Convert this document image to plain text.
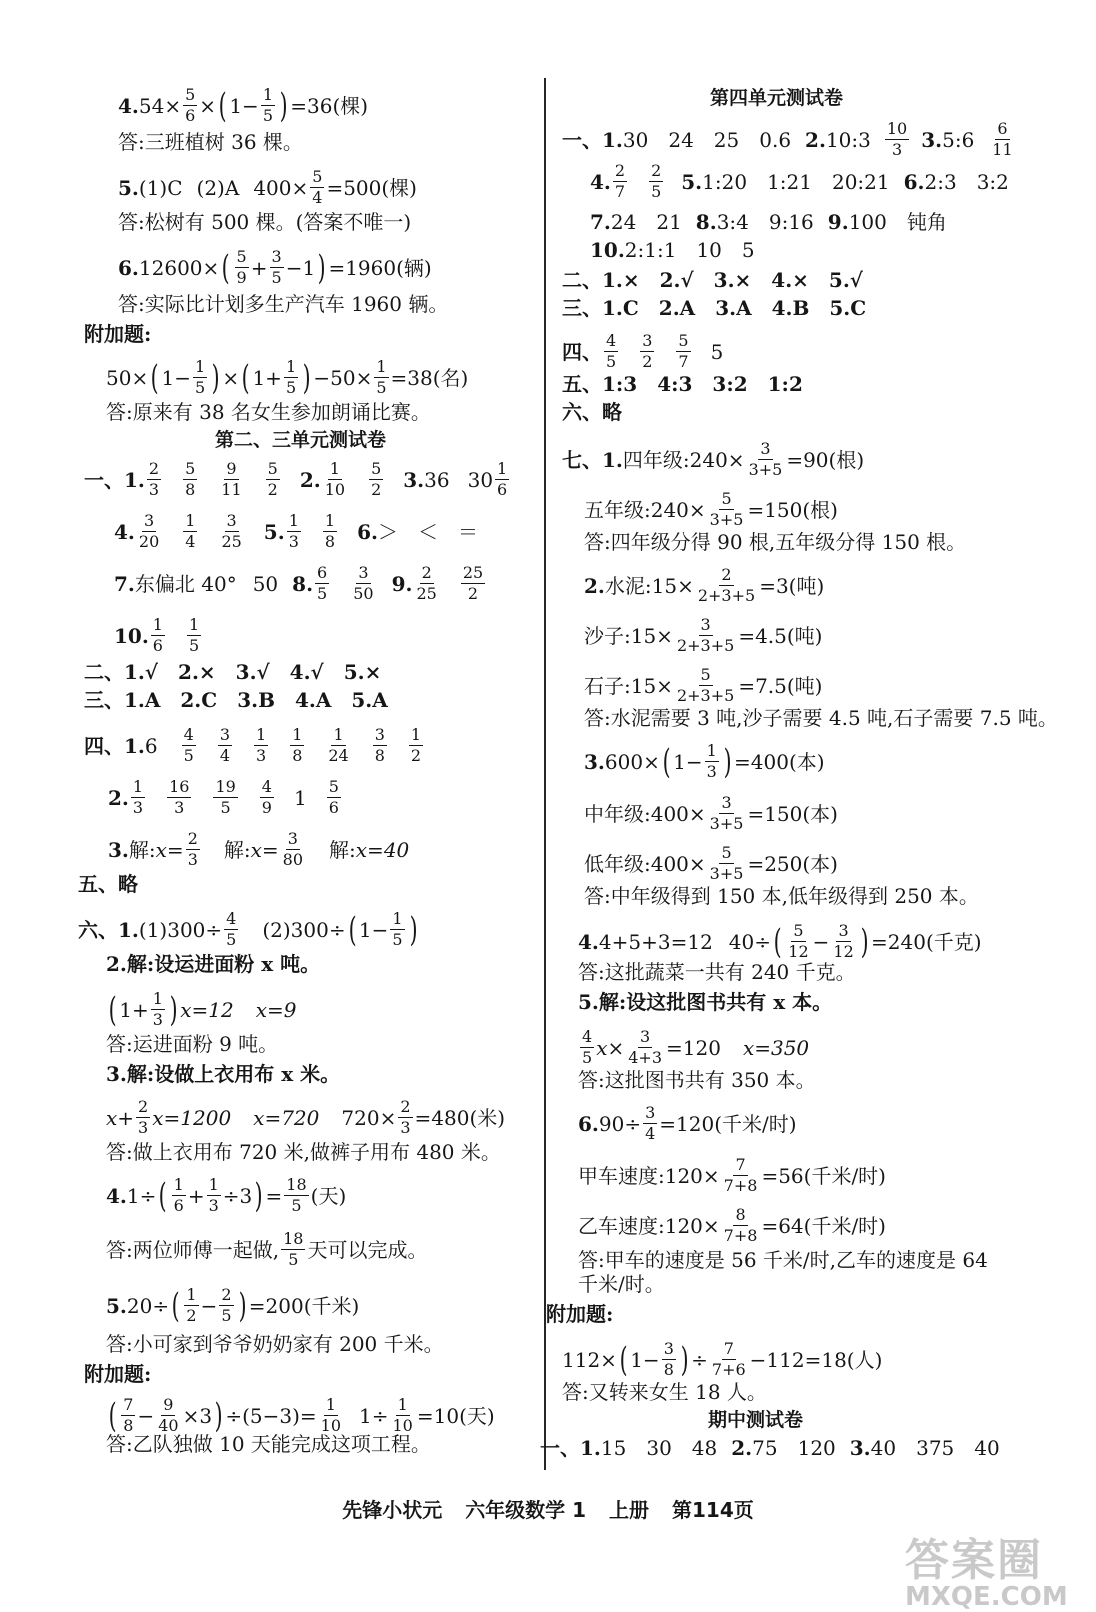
4. $54\times \frac{5}{6}$ × ( $1- \frac{1}{5}$ ) =36(棵)
答:三班植树 36 棵。
5. (1)C (2)A $400\times \frac{5}{4} =500$(棵)
答:松树有 500 棵。(答案不唯一)
6. 12600× ( 5
$9 + \frac{3}{5} -1$ ) =1960(辆)
答:实际比计划多生产汽车 1960 辆。
附加题:
50× ( $1- \frac{1}{5}$ ) × ( $1+ \frac{1}{5}$ ) $-50\times \frac{1}{5} =38$(名)
答:原来有 38 名女生参加朗诵比赛。
第二、三单元测试卷
一、1. 2
3
5
8
9
11
5
2 2. 1
10
5
2 3. 36 30 1
6
4. 3
20
1
4
3
25 5. 1
3
1
8 6. ＞　＜　＝
7. 东偏北 40° 50 8. 6
5
3
50 9. 2
25
25
2
10. 1
6
1
5
二、1.√　2.×　3.√　4.√　5.×
三、1.A　2.C　3.B　4.A　5.A
四、1. 6 4
5
3
4
1
3
1
8
1
24
3
8
1
2
2. 1
3
16
3
19
5
4
9 1 5
6
3. 解: $x= \frac{2}{3}$ 解: $x= \frac{3}{80}$ 解: x=40
五、略
六、1. $(1)300\div \frac{4}{5} (2)300\div$ ( $1- \frac{1}{5}$ )
2.解:设运进面粉 x 吨。
( $1+ \frac{1}{3}$ ) x=12 x=9
答:运进面粉 9 吨。
3.解:设做上衣用布 x 米。
$x+ \frac{2}{3} x=1200$ x=720 $720\times \frac{2}{3} =480$(米)
答:做上衣用布 720 米,做裤子用布 480 米。
4. 1÷ ( 1
$6 + \frac{1}{3} \div 3$ ) = $\frac{18}{5}$ (天)
答:两位师傅一起做, 18
5 天可以完成。
5. 20÷ ( 1
$2 - \frac{2}{5}$ ) =200(千米)
答:小可家到爷爷奶奶家有 200 千米。
附加题:
( 7
$8 - \frac{9}{40} \times 3$ ) $\div(5-3)= \frac{1}{10} 1\div \frac{1}{10} =10$(天)
答:乙队独做 10 天能完成这项工程。
第四单元测试卷
一、1. 30　24　25　0.6 2. 10:3 10
3 3. 5:6 6
11
4. 2
7
2
5 5. 1:20　1:21　20:21 6. 2:3　3:2
7. 24　21 8. 3:4　9:16 9. 100　钝角
10. 2:1:1　10　5
二、1.×　2.√　3.×　4.×　5.√
三、1.C　2.A　3.A　4.B　5.C
四、 4
5
3
2
5
7 5
五、1:3　4:3　3:2　1:2
六、略
七、1. 四年级:240× $\frac{3}{3+5} =90$(根)
五年级:240× $\frac{5}{3+5} =150$(根)
答:四年级分得 90 根,五年级分得 150 根。
2. 水泥:15× $\frac{2}{2+3+5} =3$(吨)
沙子:15× $\frac{3}{2+3+5} =4.5$(吨)
石子:15× $\frac{5}{2+3+5} =7.5$(吨)
答:水泥需要 3 吨,沙子需要 4.5 吨,石子需要 7.5 吨。
3. 600× ( $1- \frac{1}{3}$ ) =400(本)
中年级:400× $\frac{3}{3+5} =150$(本)
低年级:400× $\frac{5}{3+5} =250$(本)
答:中年级得到 150 本,低年级得到 250 本。
4. 4+5+3=12 40÷ ( 5
$12 - \frac{3}{12}$ ) =240(千克)
答:这批蔬菜一共有 240 千克。
5.解:设这批图书共有 x 本。
4
5 $x\times \frac{3}{4+3} =120$ x=350
答:这批图书共有 350 本。
6. $90\div \frac{3}{4} =120$(千米/时)
甲车速度:120× $\frac{7}{7+8} =56$(千米/时)
乙车速度:120× $\frac{8}{7+8} =64$(千米/时)
答:甲车的速度是 56 千米/时,乙车的速度是 64
千米/时。
附加题:
112× ( $1- \frac{3}{8}$ ) ÷ $\frac{7}{7+6} -112=18$(人)
答:又转来女生 18 人。
期中测试卷
一、1. 15　30　48 2. 75　120 3. 40　375　40
先锋小状元 六年级数学 1 上册 第114页
答案圈
MXQE.COM
